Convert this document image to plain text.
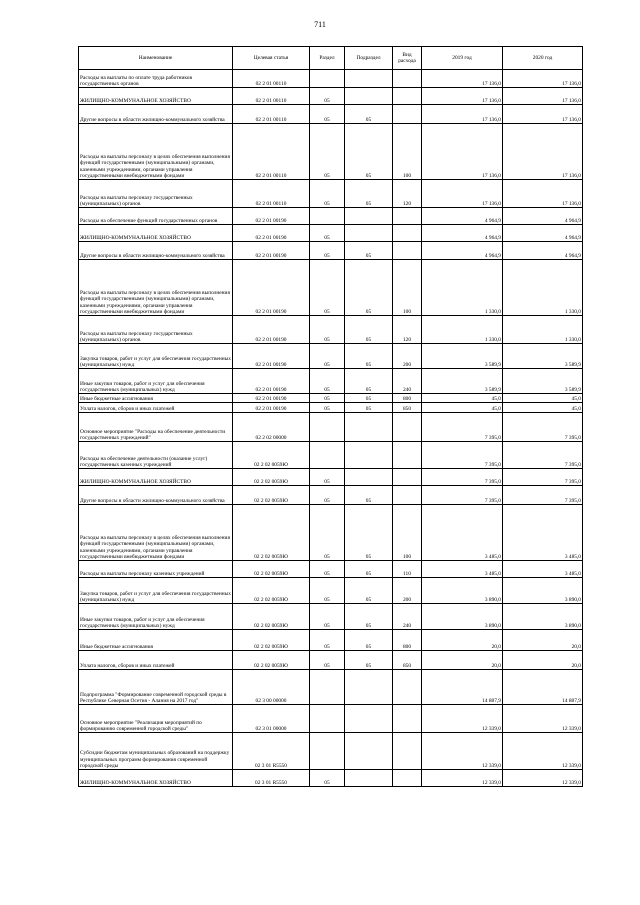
711
Наименование	Целевая статья	Раздел	Подраздел	Вид расхода	2019 год	2020 год
Расходы на выплаты по оплате труда работников государственных органов	02 2 01 00110				17 136,0	17 136,0
ЖИЛИЩНО-КОММУНАЛЬНОЕ ХОЗЯЙСТВО	02 2 01 00110	05			17 136,0	17 136,0
Другие вопросы в области жилищно-коммунального хозяйства	02 2 01 00110	05	05		17 136,0	17 136,0
Расходы на выплаты персоналу в целях обеспечения выполнения функций государственными (муниципальными) органами, казенными учреждениями, органами управления государственными внебюджетными фондами	02 2 01 00110	05	05	100	17 136,0	17 136,0
Расходы на выплаты персоналу государственных (муниципальных) органов	02 2 01 00110	05	05	120	17 136,0	17 136,0
Расходы на обеспечение функций государственных органов	02 2 01 00190				4 964,9	4 964,9
ЖИЛИЩНО-КОММУНАЛЬНОЕ ХОЗЯЙСТВО	02 2 01 00190	05			4 964,9	4 964,9
Другие вопросы в области жилищно-коммунального хозяйства	02 2 01 00190	05	05		4 964,9	4 964,9
Расходы на выплаты персоналу в целях обеспечения выполнения функций государственными (муниципальными) органами, казенными учреждениями, органами управления государственными внебюджетными фондами	02 2 01 00190	05	05	100	1 330,0	1 330,0
Расходы на выплаты персоналу государственных (муниципальных) органов	02 2 01 00190	05	05	120	1 330,0	1 330,0
Закупка товаров, работ и услуг для обеспечения государственных (муниципальных) нужд	02 2 01 00190	05	05	200	3 589,9	3 589,9
Иные закупки товаров, работ и услуг для обеспечения государственных (муниципальных) нужд	02 2 01 00190	05	05	240	3 589,9	3 589,9
Иные бюджетные ассигнования	02 2 01 00190	05	05	800	45,0	45,0
Уплата налогов, сборов и иных платежей	02 2 01 00190	05	05	850	45,0	45,0
Основное мероприятие "Расходы на обеспечение деятельности государственных учреждений"	02 2 02 00000				7 395,0	7 395,0
Расходы на обеспечение деятельности (оказание услуг) государственных казенных учреждений	02 2 02 0059Ю				7 395,0	7 395,0
ЖИЛИЩНО-КОММУНАЛЬНОЕ ХОЗЯЙСТВО	02 2 02 0059Ю	05			7 395,0	7 395,0
Другие вопросы в области жилищно-коммунального хозяйства	02 2 02 0059Ю	05	05		7 395,0	7 395,0
Расходы на выплаты персоналу в целях обеспечения выполнения функций государственными (муниципальными) органами, казенными учреждениями, органами управления государственными внебюджетными фондами	02 2 02 0059Ю	05	05	100	3 485,0	3 485,0
Расходы на выплаты персоналу казенных учреждений	02 2 02 0059Ю	05	05	110	3 485,0	3 485,0
Закупка товаров, работ и услуг для обеспечения государственных (муниципальных) нужд	02 2 02 0059Ю	05	05	200	3 890,0	3 890,0
Иные закупки товаров, работ и услуг для обеспечения государственных (муниципальных) нужд	02 2 02 0059Ю	05	05	240	3 890,0	3 890,0
Иные бюджетные ассигнования	02 2 02 0059Ю	05	05	800	20,0	20,0
Уплата налогов, сборов и иных платежей	02 2 02 0059Ю	05	05	850	20,0	20,0
Подпрограмма "Формирование современной городской среды в Республике Северная Осетия - Алания на 2017 год"	02 3 00 00000				14 887,9	14 887,9
Основное мероприятие "Реализация мероприятий по формированию современной городской среды"	02 3 01 00000				12 339,0	12 339,0
Субсидии бюджетам муниципальных образований на поддержку муниципальных программ формирования современной городской среды	02 3 01 R5550				12 339,0	12 339,0
ЖИЛИЩНО-КОММУНАЛЬНОЕ ХОЗЯЙСТВО	02 3 01 R5550	05			12 339,0	12 339,0
